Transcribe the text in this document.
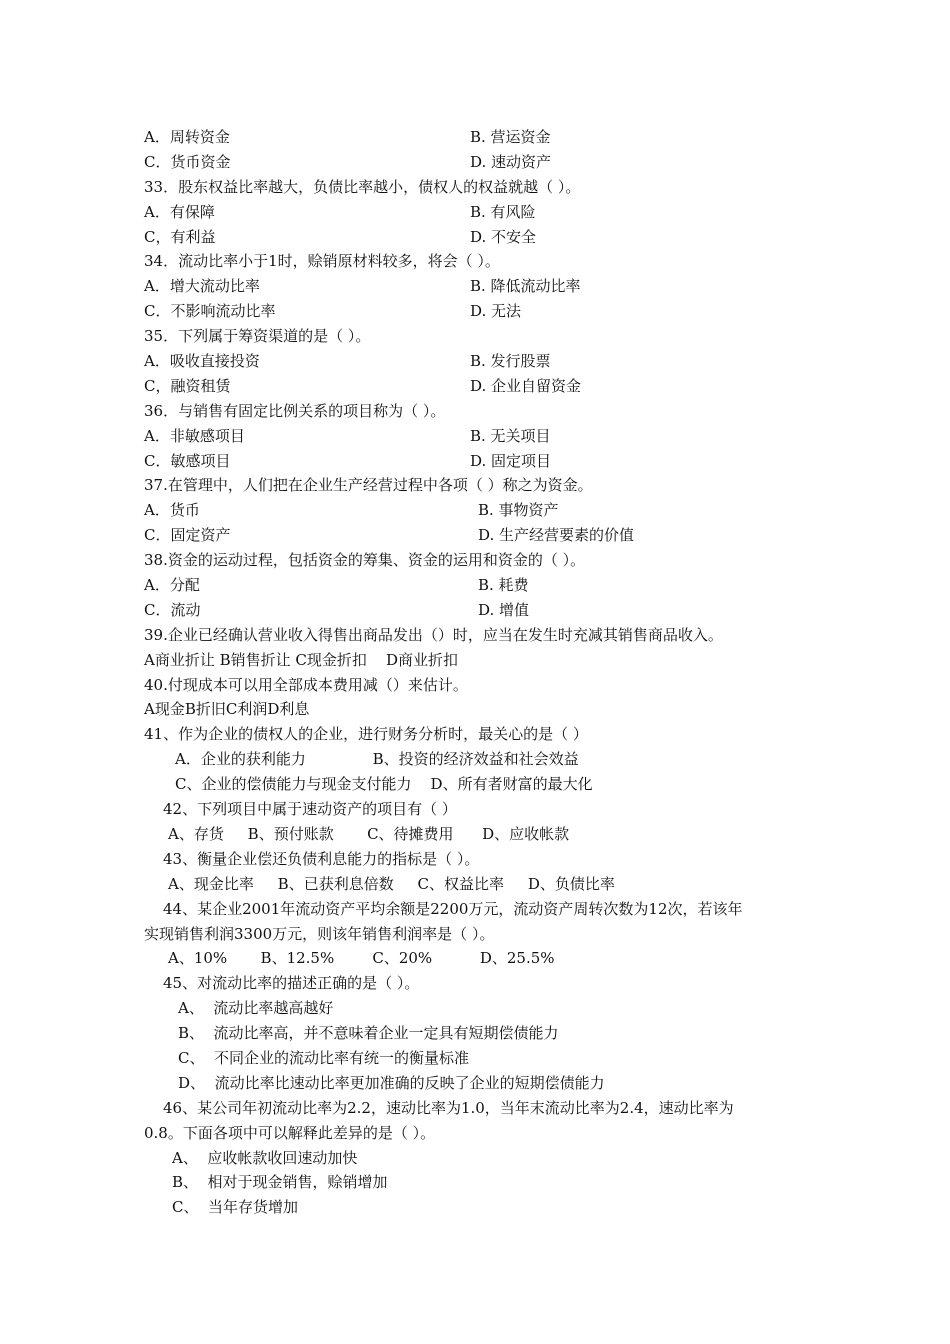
A．周转资金	B. 营运资金
C．货币资金	D. 速动资产
33．股东权益比率越大，负债比率越小，债权人的权益就越（ ）。
A．有保障	B. 有风险
C，有利益	D. 不安全
34．流动比率小于1时，赊销原材料较多，将会（ ）。
A．增大流动比率	B. 降低流动比率
C．不影响流动比率	D. 无法
35．下列属于筹资渠道的是（ ）。
A．吸收直接投资	B. 发行股票
C，融资租赁	D. 企业自留资金
36．与销售有固定比例关系的项目称为（ ）。
A．非敏感项目	B. 无关项目
C．敏感项目	D. 固定项目
37.在管理中，人们把在企业生产经营过程中各项（ ）称之为资金。
A．货币	B. 事物资产
C．固定资产	D. 生产经营要素的价值
38.资金的运动过程，包括资金的筹集、资金的运用和资金的（ ）。
A．分配	B. 耗费
C．流动	D. 增值
39.企业已经确认营业收入得售出商品发出（）时，应当在发生时充减其销售商品收入。
A商业折让 B销售折让 C现金折扣    D商业折扣
40.付现成本可以用全部成本费用减（）来估计。
A现金B折旧C利润D利息
41、作为企业的债权人的企业，进行财务分析时，最关心的是（ ）
A．企业的获利能力              B、投资的经济效益和社会效益
C、企业的偿债能力与现金支付能力    D、所有者财富的最大化
42、下列项目中属于速动资产的项目有（ ）
A、存货     B、预付账款       C、待摊费用      D、应收帐款
43、衡量企业偿还负债利息能力的指标是（ ）。
A、现金比率     B、已获利息倍数     C、权益比率     D、负债比率
44、某企业2001年流动资产平均余额是2200万元，流动资产周转次数为12次，若该年
实现销售利润3300万元，则该年销售利润率是（ ）。
A、10%       B、12.5%        C、20%          D、25.5%
45、对流动比率的描述正确的是（ ）。
A、  流动比率越高越好
B、  流动比率高，并不意味着企业一定具有短期偿债能力
C、  不同企业的流动比率有统一的衡量标准
D、  流动比率比速动比率更加准确的反映了企业的短期偿债能力
46、某公司年初流动比率为2.2，速动比率为1.0，当年末流动比率为2.4，速动比率为
0.8。下面各项中可以解释此差异的是（ ）。
A、  应收帐款收回速动加快
B、  相对于现金销售，赊销增加
C、  当年存货增加
